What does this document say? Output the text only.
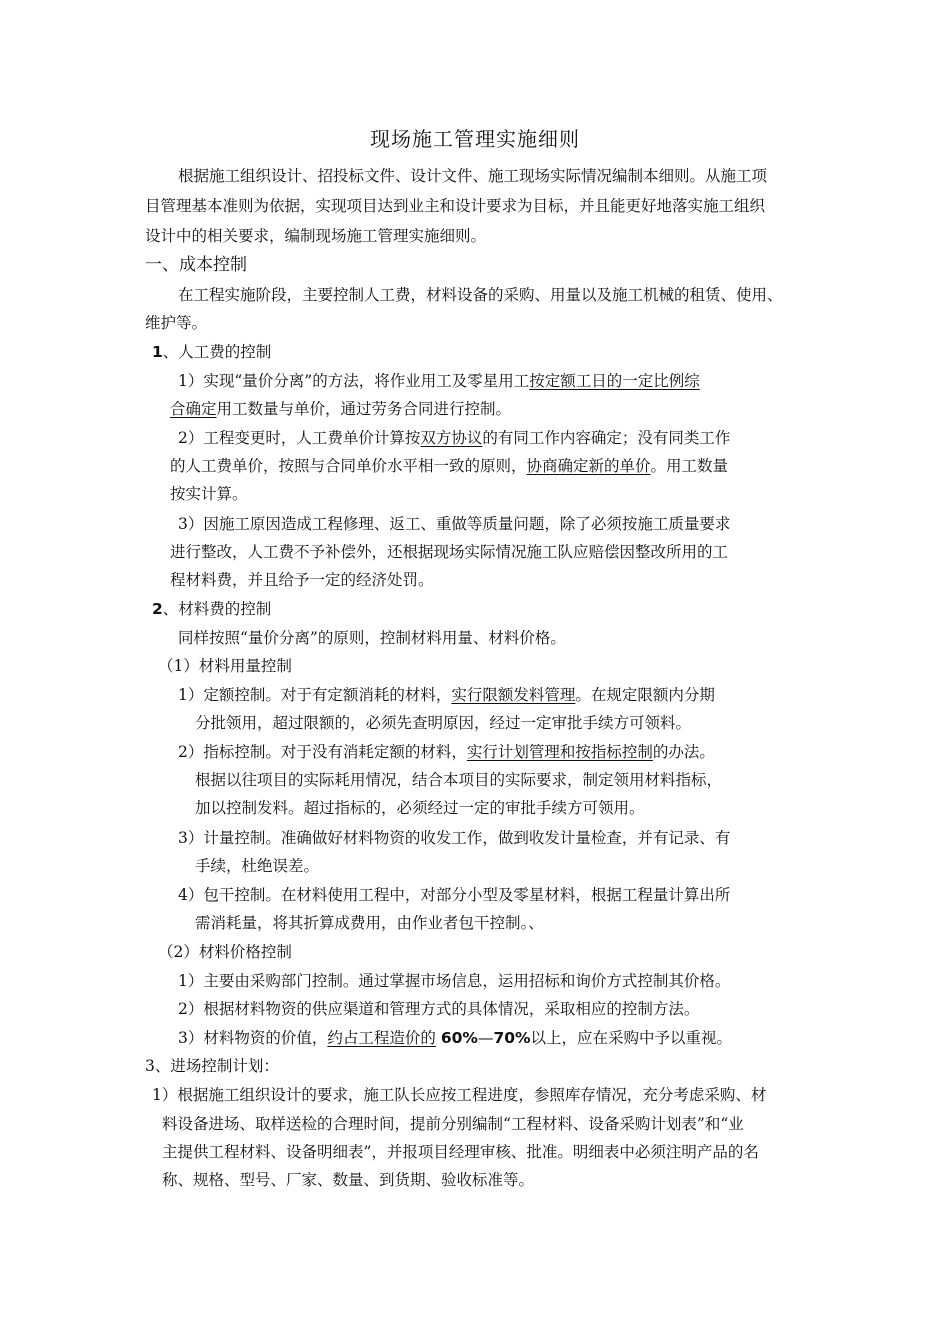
现场施工管理实施细则
根据施工组织设计、招投标文件、设计文件、施工现场实际情况编制本细则。从施工项
目管理基本准则为依据，实现项目达到业主和设计要求为目标，并且能更好地落实施工组织
设计中的相关要求，编制现场施工管理实施细则。
一、成本控制
在工程实施阶段，主要控制人工费，材料设备的采购、用量以及施工机械的租赁、使用、
维护等。
1、人工费的控制
1）实现“量价分离”的方法，将作业用工及零星用工按定额工日的一定比例综
合确定用工数量与单价，通过劳务合同进行控制。
2）工程变更时，人工费单价计算按双方协议的有同工作内容确定；没有同类工作
的人工费单价，按照与合同单价水平相一致的原则，协商确定新的单价。用工数量
按实计算。
3）因施工原因造成工程修理、返工、重做等质量问题，除了必须按施工质量要求
进行整改，人工费不予补偿外，还根据现场实际情况施工队应赔偿因整改所用的工
程材料费，并且给予一定的经济处罚。
2、材料费的控制
同样按照“量价分离”的原则，控制材料用量、材料价格。
（1）材料用量控制
1）定额控制。对于有定额消耗的材料，实行限额发料管理。在规定限额内分期
分批领用，超过限额的，必须先查明原因，经过一定审批手续方可领料。
2）指标控制。对于没有消耗定额的材料，实行计划管理和按指标控制的办法。
根据以往项目的实际耗用情况，结合本项目的实际要求，制定领用材料指标，
加以控制发料。超过指标的，必须经过一定的审批手续方可领用。
3）计量控制。准确做好材料物资的收发工作，做到收发计量检查，并有记录、有
手续，杜绝误差。
4）包干控制。在材料使用工程中，对部分小型及零星材料，根据工程量计算出所
需消耗量，将其折算成费用，由作业者包干控制。、
（2）材料价格控制
1）主要由采购部门控制。通过掌握市场信息，运用招标和询价方式控制其价格。
2）根据材料物资的供应渠道和管理方式的具体情况，采取相应的控制方法。
3）材料物资的价值，约占工程造价的 60%—70%以上，应在采购中予以重视。
3、进场控制计划：
1）根据施工组织设计的要求，施工队长应按工程进度，参照库存情况，充分考虑采购、材
料设备进场、取样送检的合理时间，提前分别编制“工程材料、设备采购计划表”和“业
主提供工程材料、设备明细表”，并报项目经理审核、批准。明细表中必须注明产品的名
称、规格、型号、厂家、数量、到货期、验收标准等。
